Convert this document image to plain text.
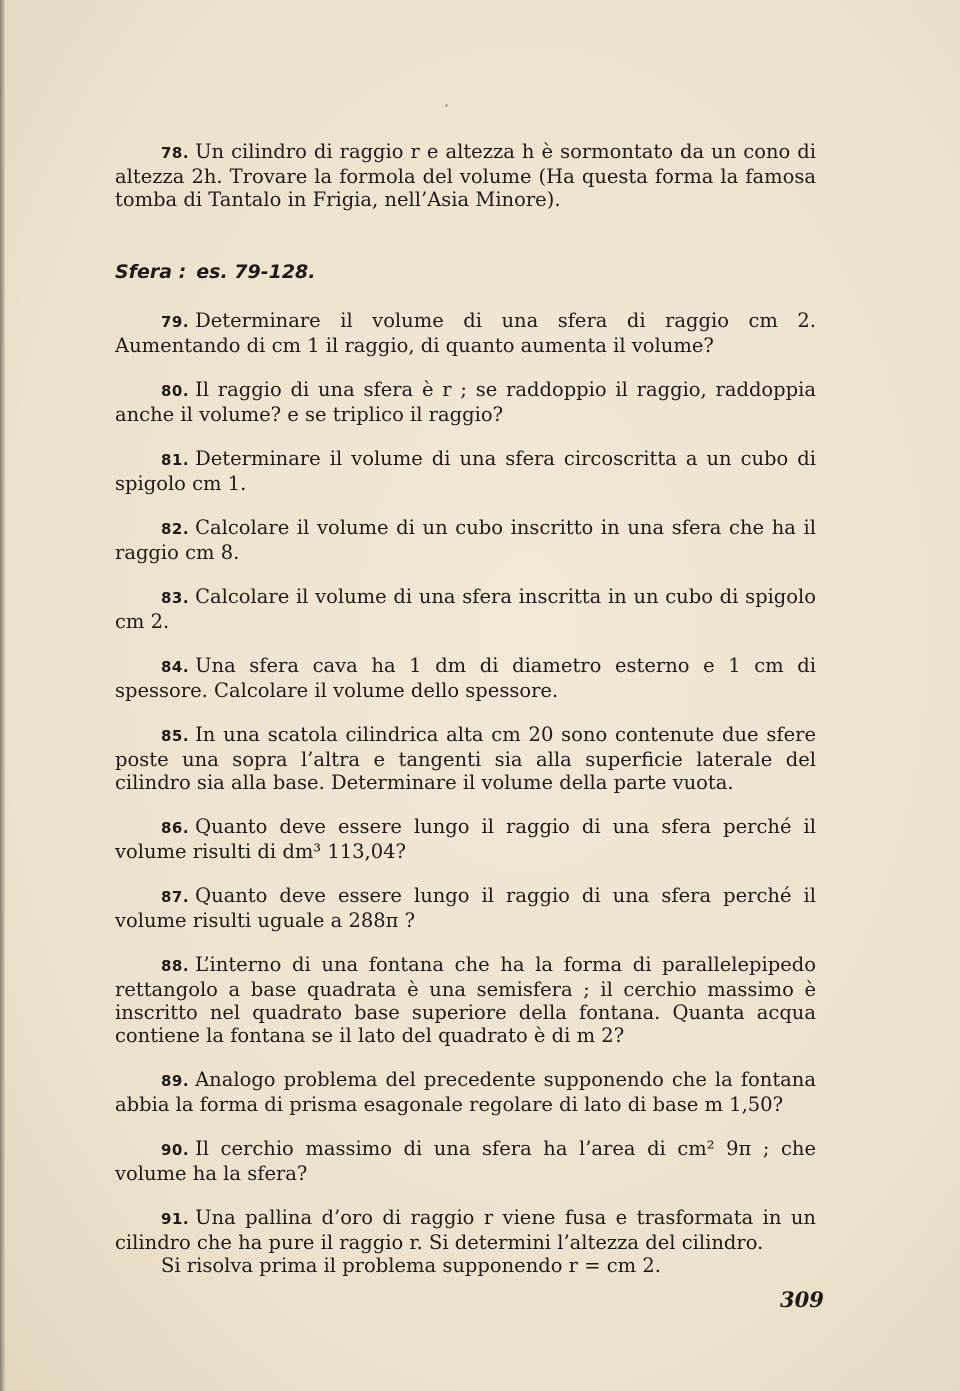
78. Un cilindro di raggio r e altezza h è sormontato da un cono di altezza 2h. Trovare la formola del volume (Ha questa forma la famosa tomba di Tantalo in Frigia, nell’Asia Minore).

Sfera : es. 79-128.

79. Determinare il volume di una sfera di raggio cm 2. Aumentando di cm 1 il raggio, di quanto aumenta il volume?

80. Il raggio di una sfera è r ; se raddoppio il raggio, raddoppia anche il volume? e se triplico il raggio?

81. Determinare il volume di una sfera circoscritta a un cubo di spigolo cm 1.

82. Calcolare il volume di un cubo inscritto in una sfera che ha il raggio cm 8.

83. Calcolare il volume di una sfera inscritta in un cubo di spigolo cm 2.

84. Una sfera cava ha 1 dm di diametro esterno e 1 cm di spessore. Calcolare il volume dello spessore.

85. In una scatola cilindrica alta cm 20 sono contenute due sfere poste una sopra l’altra e tangenti sia alla superficie laterale del cilindro sia alla base. Determinare il volume della parte vuota.

86. Quanto deve essere lungo il raggio di una sfera perché il volume risulti di dm³ 113,04?

87. Quanto deve essere lungo il raggio di una sfera perché il volume risulti uguale a 288π ?

88. L’interno di una fontana che ha la forma di parallelepipedo rettangolo a base quadrata è una semisfera ; il cerchio massimo è inscritto nel quadrato base superiore della fontana. Quanta acqua contiene la fontana se il lato del quadrato è di m 2?

89. Analogo problema del precedente supponendo che la fontana abbia la forma di prisma esagonale regolare di lato di base m 1,50?

90. Il cerchio massimo di una sfera ha l’area di cm² 9π ; che volume ha la sfera?

91. Una pallina d’oro di raggio r viene fusa e trasformata in un cilindro che ha pure il raggio r. Si determini l’altezza del cilindro.
Si risolva prima il problema supponendo r = cm 2.

309
